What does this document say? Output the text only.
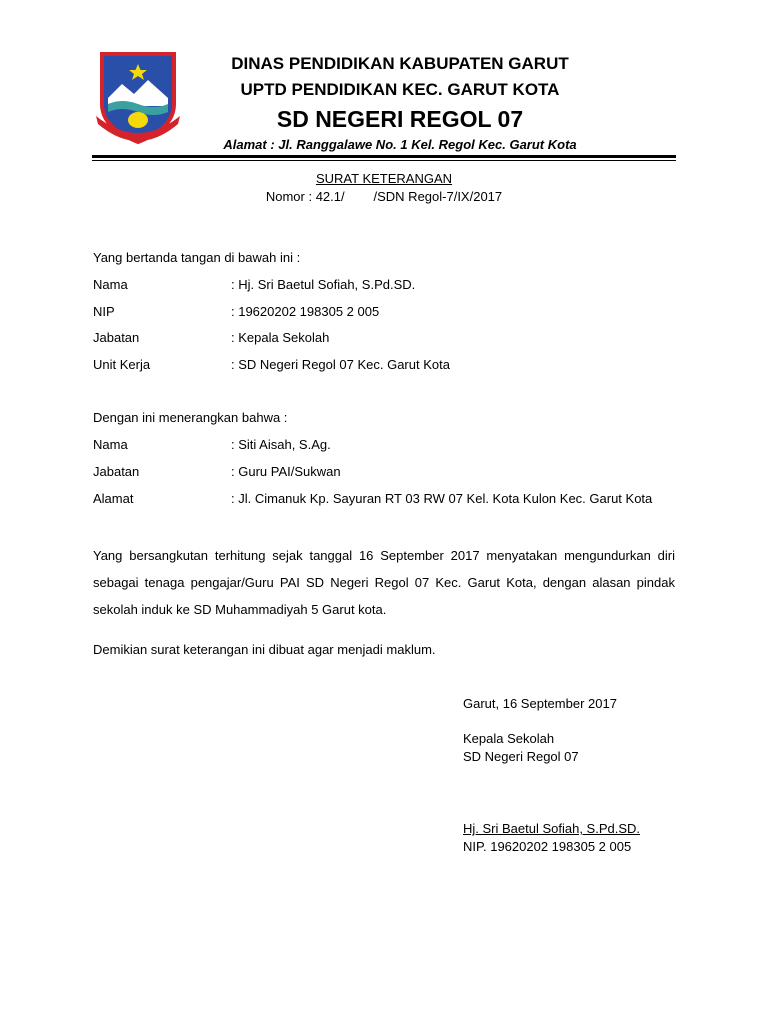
DINAS PENDIDIKAN KABUPATEN GARUT
UPTD PENDIDIKAN KEC. GARUT KOTA
SD NEGERI REGOL 07
Alamat : Jl. Ranggalawe No. 1 Kel. Regol Kec. Garut Kota
SURAT KETERANGAN
Nomor : 42.1/        /SDN Regol-7/IX/2017
Yang bertanda tangan di bawah ini :
Nama	: Hj. Sri Baetul Sofiah, S.Pd.SD.
NIP	: 19620202 198305 2 005
Jabatan	: Kepala Sekolah
Unit Kerja	: SD Negeri Regol 07 Kec. Garut Kota
Dengan ini menerangkan bahwa :
Nama	: Siti Aisah, S.Ag.
Jabatan	: Guru PAI/Sukwan
Alamat	: Jl. Cimanuk Kp. Sayuran RT 03 RW 07 Kel. Kota Kulon Kec. Garut Kota
Yang bersangkutan terhitung sejak tanggal 16 September 2017 menyatakan mengundurkan diri sebagai tenaga pengajar/Guru PAI SD Negeri Regol 07 Kec. Garut Kota, dengan alasan pindak sekolah induk ke SD Muhammadiyah 5 Garut kota.
Demikian surat keterangan ini dibuat agar menjadi maklum.
Garut, 16 September 2017
Kepala Sekolah
SD Negeri Regol 07
Hj. Sri Baetul Sofiah, S.Pd.SD.
NIP. 19620202 198305 2 005
